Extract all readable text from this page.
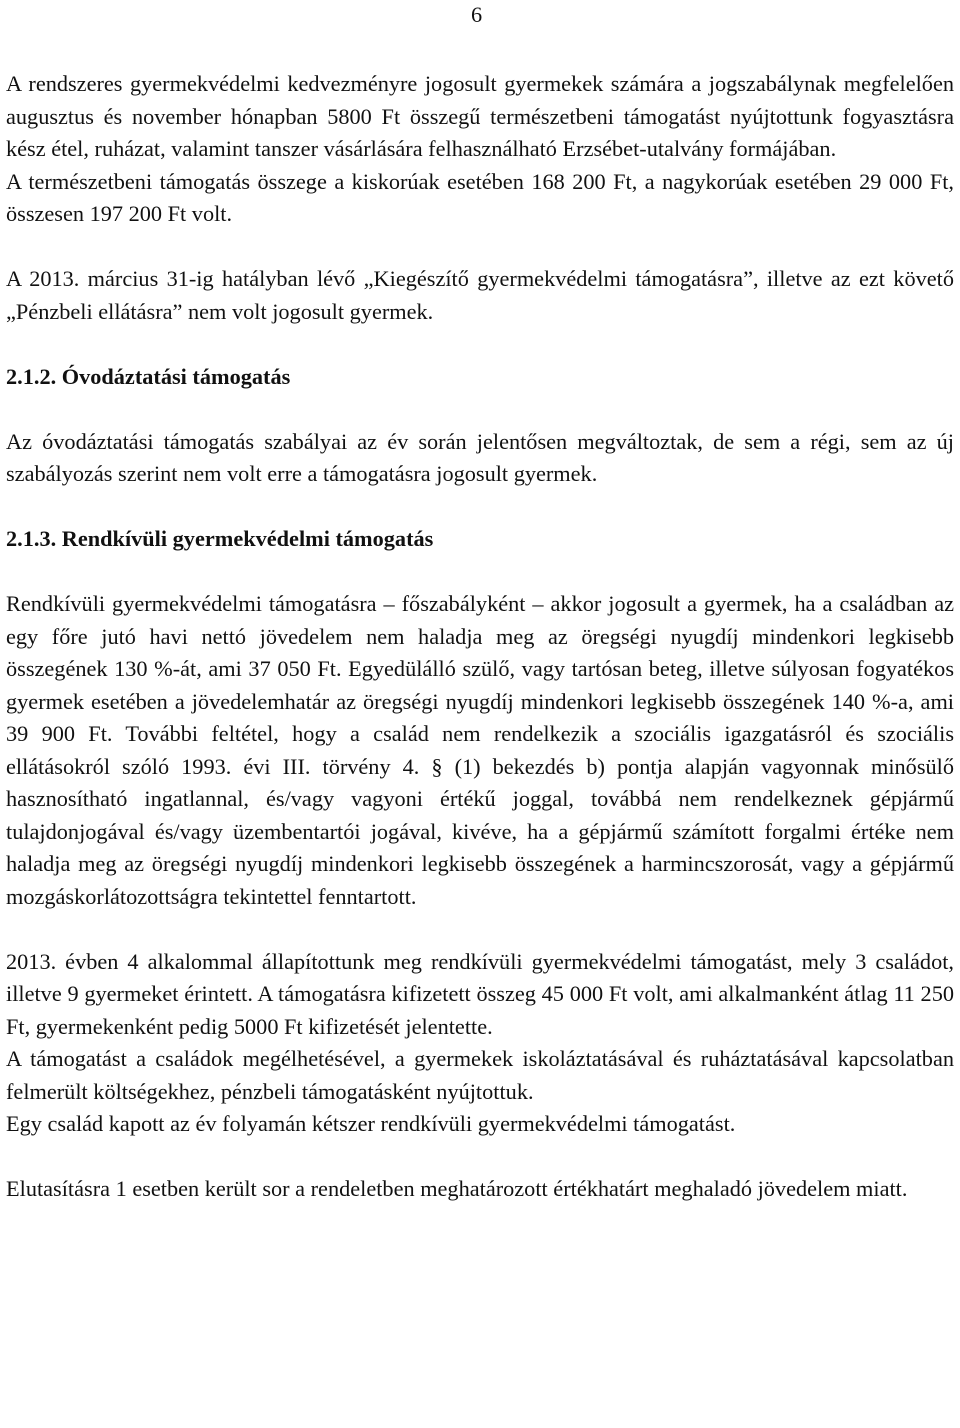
6

A rendszeres gyermekvédelmi kedvezményre jogosult gyermekek számára a jogszabálynak megfelelően augusztus és november hónapban 5800 Ft összegű természetbeni támogatást nyújtottunk fogyasztásra kész étel, ruházat, valamint tanszer vásárlására felhasználható Erzsébet-utalvány formájában.

A természetbeni támogatás összege a kiskorúak esetében 168 200 Ft, a nagykorúak esetében 29 000 Ft, összesen 197 200 Ft volt.

A 2013. március 31-ig hatályban lévő „Kiegészítő gyermekvédelmi támogatásra”, illetve az ezt követő „Pénzbeli ellátásra” nem volt jogosult gyermek.

2.1.2. Óvodáztatási támogatás

Az óvodáztatási támogatás szabályai az év során jelentősen megváltoztak, de sem a régi, sem az új szabályozás szerint nem volt erre a támogatásra jogosult gyermek.

2.1.3. Rendkívüli gyermekvédelmi támogatás

Rendkívüli gyermekvédelmi támogatásra – főszabályként – akkor jogosult a gyermek, ha a családban az egy főre jutó havi nettó jövedelem nem haladja meg az öregségi nyugdíj mindenkori legkisebb összegének 130 %-át, ami 37 050 Ft. Egyedülálló szülő, vagy tartósan beteg, illetve súlyosan fogyatékos gyermek esetében a jövedelemhatár az öregségi nyugdíj mindenkori legkisebb összegének 140 %-a, ami 39 900 Ft. További feltétel, hogy a család nem rendelkezik a szociális igazgatásról és szociális ellátásokról szóló 1993. évi III. törvény 4. § (1) bekezdés b) pontja alapján vagyonnak minősülő hasznosítható ingatlannal, és/vagy vagyoni értékű joggal, továbbá nem rendelkeznek gépjármű tulajdonjogával és/vagy üzembentartói jogával, kivéve, ha a gépjármű számított forgalmi értéke nem haladja meg az öregségi nyugdíj mindenkori legkisebb összegének a harmincszorosát, vagy a gépjármű mozgáskorlátozottságra tekintettel fenntartott.

2013. évben 4 alkalommal állapítottunk meg rendkívüli gyermekvédelmi támogatást, mely 3 családot, illetve 9 gyermeket érintett. A támogatásra kifizetett összeg 45 000 Ft volt, ami alkalmanként átlag 11 250 Ft, gyermekenként pedig 5000 Ft kifizetését jelentette.

A támogatást a családok megélhetésével, a gyermekek iskoláztatásával és ruháztatásával kapcsolatban felmerült költségekhez, pénzbeli támogatásként nyújtottuk.

Egy család kapott az év folyamán kétszer rendkívüli gyermekvédelmi támogatást.

Elutasításra 1 esetben került sor a rendeletben meghatározott értékhatárt meghaladó jövedelem miatt.
